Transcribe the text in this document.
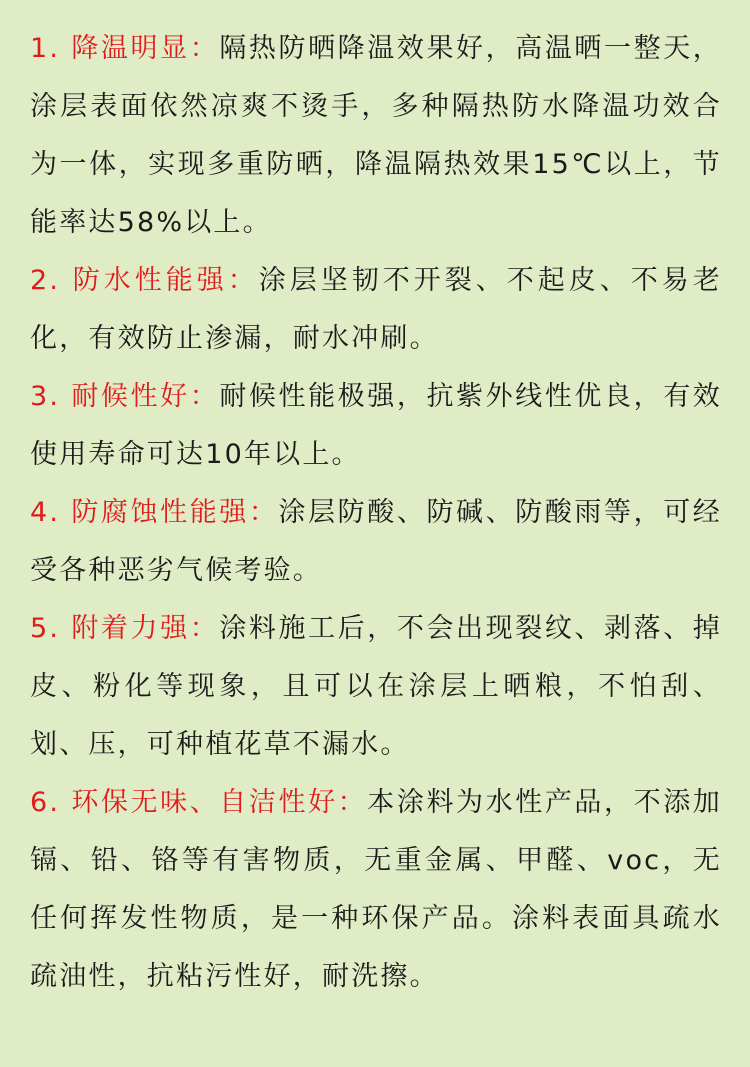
1. 降温明显：隔热防晒降温效果好，高温晒一整天，涂层表面依然凉爽不烫手，多种隔热防水降温功效合为一体，实现多重防晒，降温隔热效果15℃以上，节能率达58%以上。

2. 防水性能强：涂层坚韧不开裂、不起皮、不易老化，有效防止渗漏，耐水冲刷。

3. 耐候性好：耐候性能极强，抗紫外线性优良，有效使用寿命可达10年以上。

4. 防腐蚀性能强：涂层防酸、防碱、防酸雨等，可经受各种恶劣气候考验。

5. 附着力强：涂料施工后，不会出现裂纹、剥落、掉皮、粉化等现象，且可以在涂层上晒粮，不怕刮、划、压，可种植花草不漏水。

6. 环保无味、自洁性好：本涂料为水性产品，不添加镉、铅、铬等有害物质，无重金属、甲醛、voc，无任何挥发性物质，是一种环保产品。涂料表面具疏水疏油性，抗粘污性好，耐洗擦。
